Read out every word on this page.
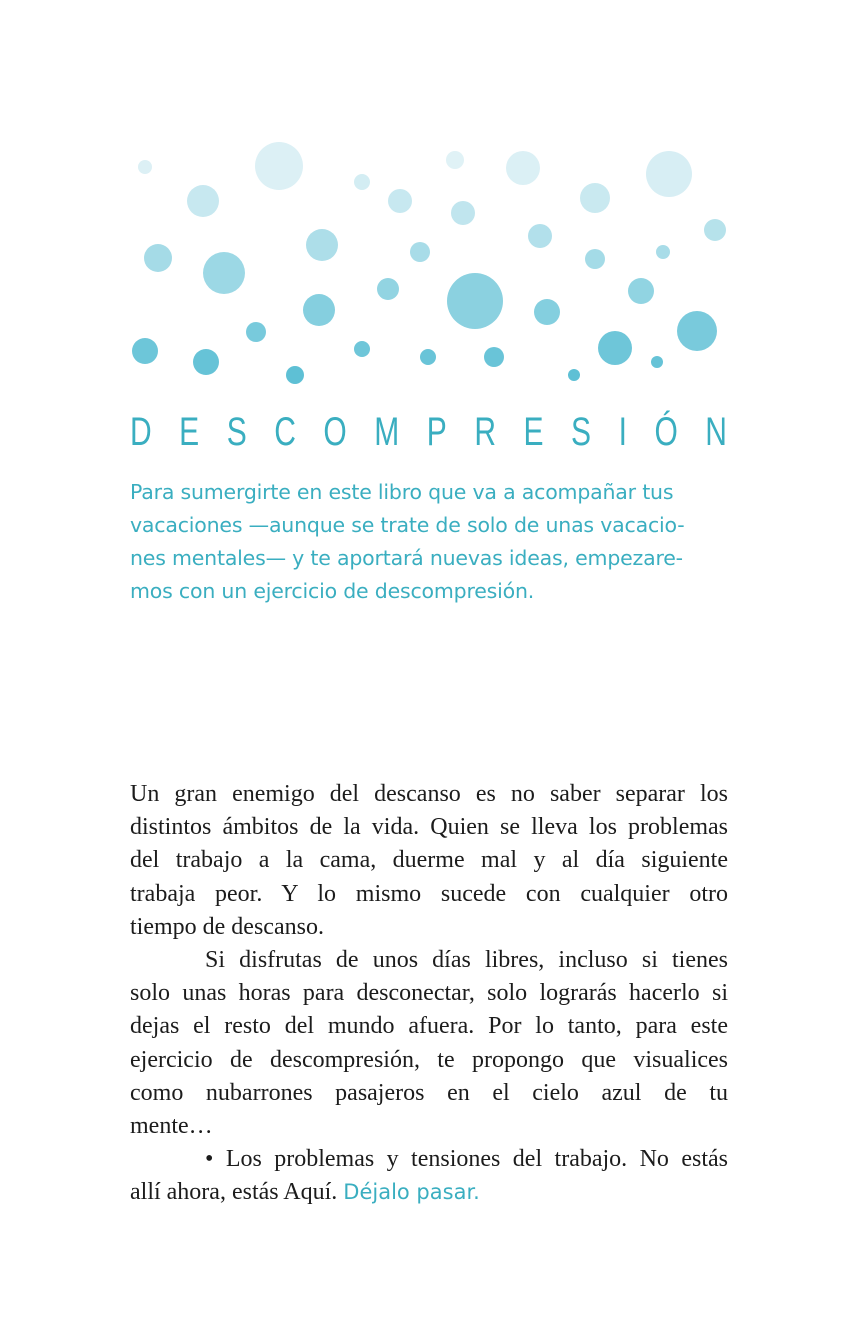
D E S C O M P R E S I Ó N
Para sumergirte en este libro que va a acompañar tus
vacaciones —aunque se trate de solo de unas vacacio-
nes mentales— y te aportará nuevas ideas, empezare-
mos con un ejercicio de descompresión.
Un gran enemigo del descanso es no saber separar los
distintos ámbitos de la vida. Quien se lleva los problemas
del trabajo a la cama, duerme mal y al día siguiente
trabaja peor. Y lo mismo sucede con cualquier otro
tiempo de descanso.
Si disfrutas de unos días libres, incluso si tienes
solo unas horas para desconectar, solo lograrás hacerlo si
dejas el resto del mundo afuera. Por lo tanto, para este
ejercicio de descompresión, te propongo que visualices
como nubarrones pasajeros en el cielo azul de tu
mente…
• Los problemas y tensiones del trabajo. No estás
allí ahora, estás Aquí. Déjalo pasar.
